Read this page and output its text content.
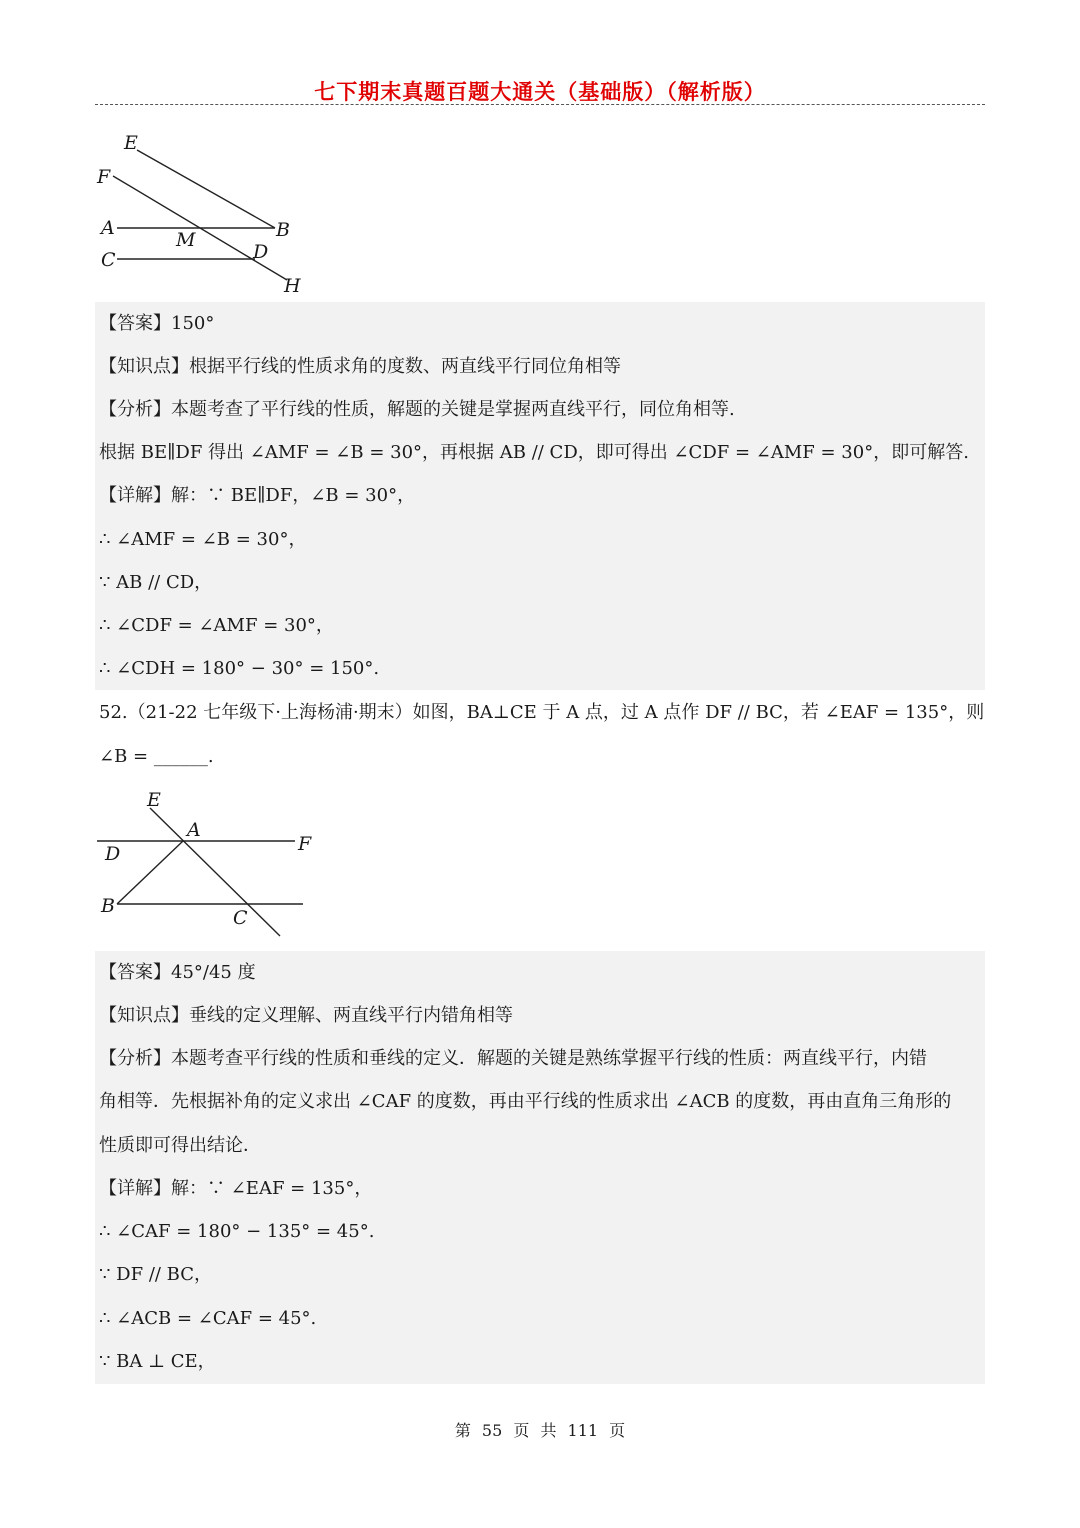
七下期末真题百题大通关（基础版）（解析版）
E
F
A	B
M
C	D
H
【答案】150°
【知识点】根据平行线的性质求角的度数、两直线平行同位角相等
【分析】本题考查了平行线的性质，解题的关键是掌握两直线平行，同位角相等.
根据 BE∥DF 得出 ∠AMF = ∠B = 30°，再根据 AB // CD，即可得出 ∠CDF = ∠AMF = 30°，即可解答.
【详解】解：∵ BE∥DF，∠B = 30°，
∴ ∠AMF = ∠B = 30°，
∵ AB // CD，
∴ ∠CDF = ∠AMF = 30°，
∴ ∠CDH = 180° − 30° = 150°.
52.（21-22 七年级下·上海杨浦·期末）如图，BA⊥CE 于 A 点，过 A 点作 DF // BC，若 ∠EAF = 135°，则
∠B = ______.
E
A
F
D
B
C
【答案】45°/45 度
【知识点】垂线的定义理解、两直线平行内错角相等
【分析】本题考查平行线的性质和垂线的定义．解题的关键是熟练掌握平行线的性质：两直线平行，内错
角相等．先根据补角的定义求出 ∠CAF 的度数，再由平行线的性质求出 ∠ACB 的度数，再由直角三角形的
性质即可得出结论．
【详解】解：∵ ∠EAF = 135°，
∴ ∠CAF = 180° − 135° = 45°.
∵ DF // BC，
∴ ∠ACB = ∠CAF = 45°.
∵ BA ⊥ CE，
第 55 页 共 111 页
